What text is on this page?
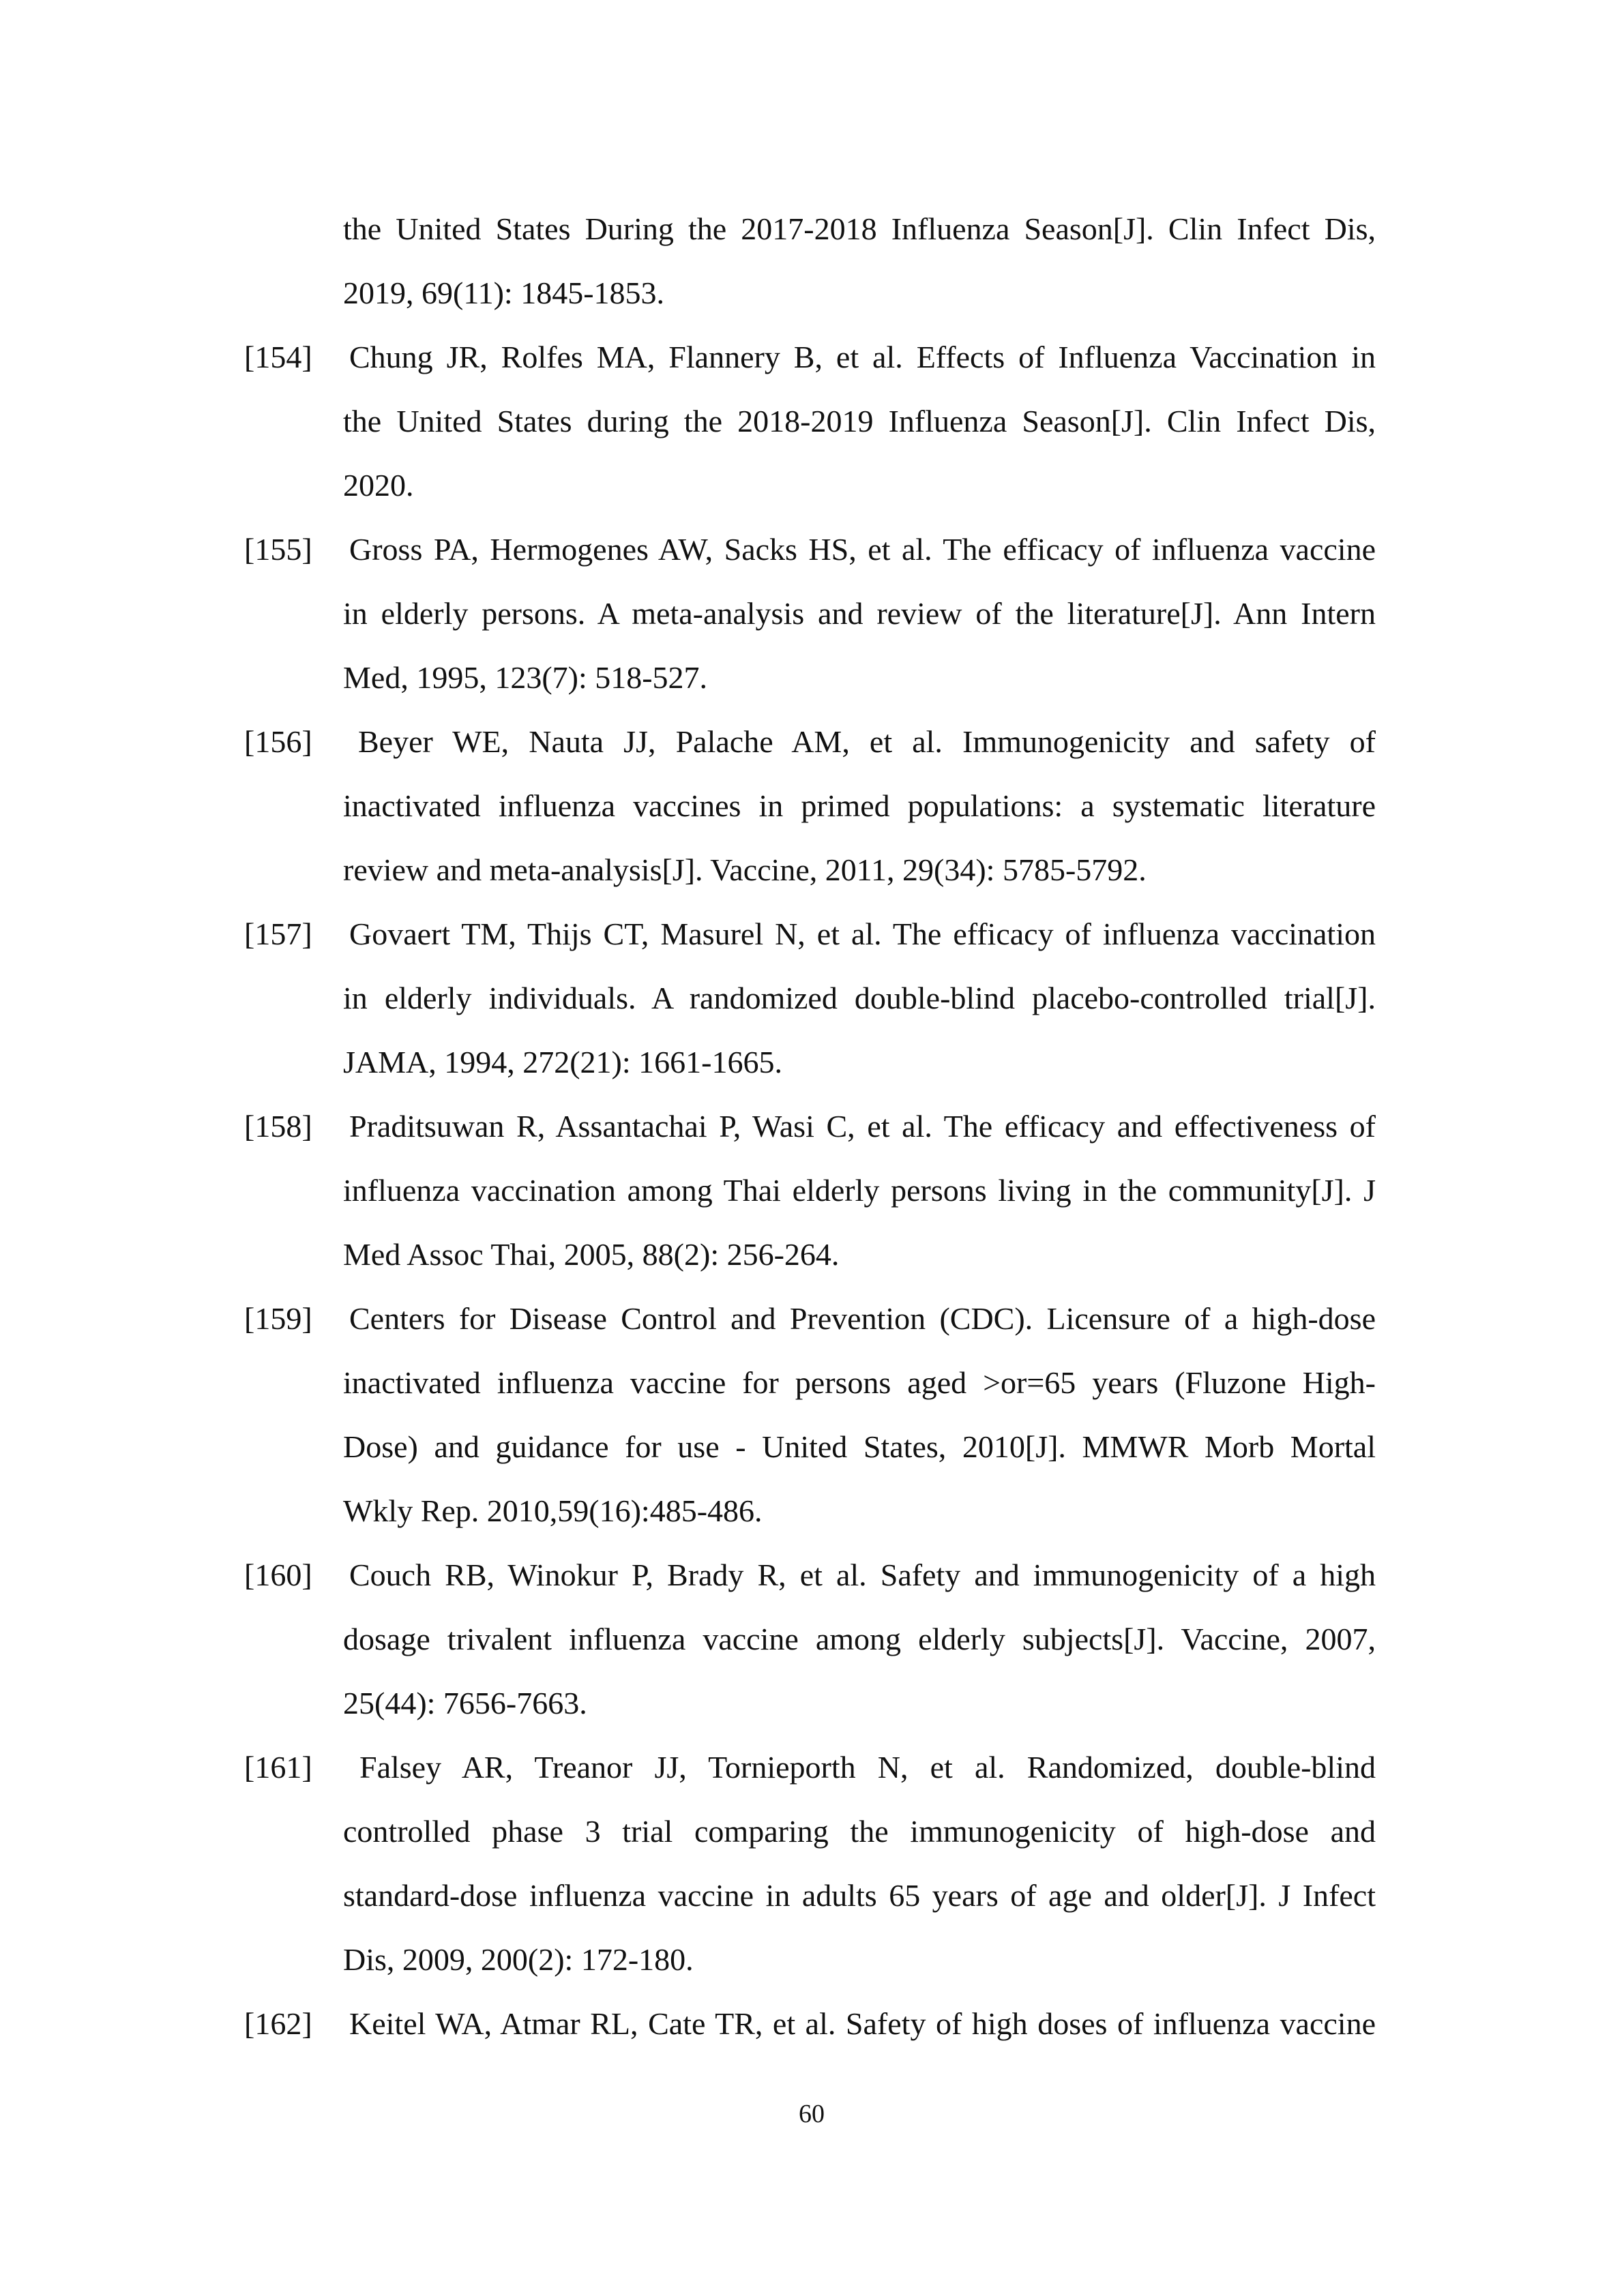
the United States During the 2017-2018 Influenza Season[J]. Clin Infect Dis,
2019, 69(11): 1845-1853.
[154] Chung JR, Rolfes MA, Flannery B, et al. Effects of Influenza Vaccination in
the United States during the 2018-2019 Influenza Season[J]. Clin Infect Dis,
2020.
[155] Gross PA, Hermogenes AW, Sacks HS, et al. The efficacy of influenza vaccine
in elderly persons. A meta-analysis and review of the literature[J]. Ann Intern
Med, 1995, 123(7): 518-527.
[156] Beyer WE, Nauta JJ, Palache AM, et al. Immunogenicity and safety of
inactivated influenza vaccines in primed populations: a systematic literature
review and meta-analysis[J]. Vaccine, 2011, 29(34): 5785-5792.
[157] Govaert TM, Thijs CT, Masurel N, et al. The efficacy of influenza vaccination
in elderly individuals. A randomized double-blind placebo-controlled trial[J].
JAMA, 1994, 272(21): 1661-1665.
[158] Praditsuwan R, Assantachai P, Wasi C, et al. The efficacy and effectiveness of
influenza vaccination among Thai elderly persons living in the community[J]. J
Med Assoc Thai, 2005, 88(2): 256-264.
[159] Centers for Disease Control and Prevention (CDC). Licensure of a high-dose
inactivated influenza vaccine for persons aged >or=65 years (Fluzone High-
Dose) and guidance for use - United States, 2010[J]. MMWR Morb Mortal
Wkly Rep. 2010,59(16):485-486.
[160] Couch RB, Winokur P, Brady R, et al. Safety and immunogenicity of a high
dosage trivalent influenza vaccine among elderly subjects[J]. Vaccine, 2007,
25(44): 7656-7663.
[161] Falsey AR, Treanor JJ, Tornieporth N, et al. Randomized, double-blind
controlled phase 3 trial comparing the immunogenicity of high-dose and
standard-dose influenza vaccine in adults 65 years of age and older[J]. J Infect
Dis, 2009, 200(2): 172-180.
[162] Keitel WA, Atmar RL, Cate TR, et al. Safety of high doses of influenza vaccine
60
